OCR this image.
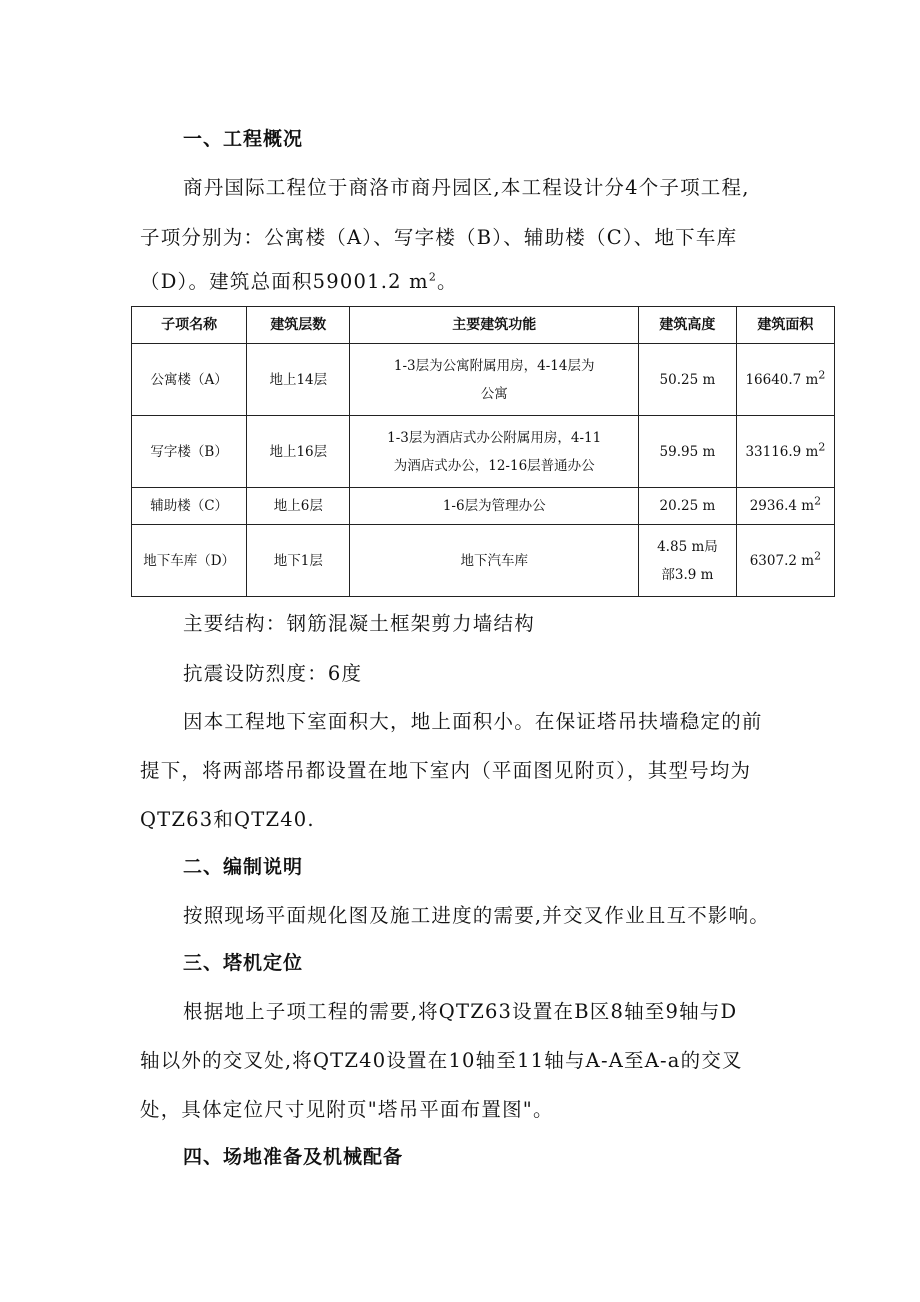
一、工程概况
商丹国际工程位于商洛市商丹园区,本工程设计分4个子项工程,
子项分别为：公寓楼（A）、写字楼（B）、辅助楼（C）、地下车库
（D）。建筑总面积59001.2 $m^2$。
子项名称	建筑层数	主要建筑功能	建筑高度	建筑面积
公寓楼（A）	地上14层	1-3层为公寓附属用房，4-14层为
公寓	50.25 m	16640.7 $m^2$
写字楼（B）	地上16层	1-3层为酒店式办公附属用房，4-11
为酒店式办公，12-16层普通办公	59.95 m	33116.9 $m^2$
辅助楼（C）	地上6层	1-6层为管理办公	20.25 m	2936.4 $m^2$
地下车库（D）	地下1层	地下汽车库	4.85 m局
部3.9 m	6307.2 $m^2$
主要结构：钢筋混凝土框架剪力墙结构
抗震设防烈度：6度
因本工程地下室面积大，地上面积小。在保证塔吊扶墙稳定的前
提下，将两部塔吊都设置在地下室内（平面图见附页），其型号均为
QTZ63和QTZ40.
二、编制说明
按照现场平面规化图及施工进度的需要,并交叉作业且互不影响。
三、塔机定位
根据地上子项工程的需要,将QTZ63设置在B区8轴至9轴与D
轴以外的交叉处,将QTZ40设置在10轴至11轴与A-A至A-a的交叉
处，具体定位尺寸见附页"塔吊平面布置图"。
四、场地准备及机械配备
